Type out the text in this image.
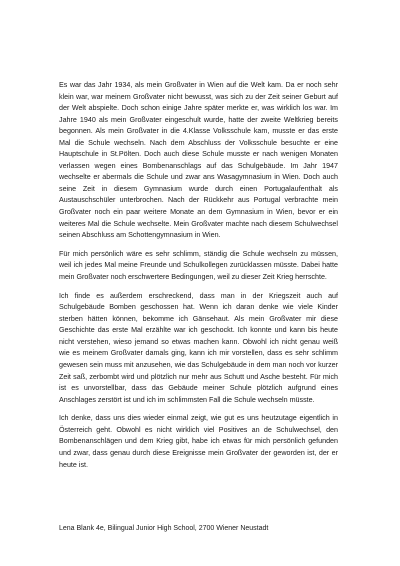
Es war das Jahr 1934, als mein Großvater in Wien auf die Welt kam. Da er noch sehr klein war, war meinem Großvater nicht bewusst, was sich zu der Zeit seiner Geburt auf der Welt abspielte. Doch schon einige Jahre später merkte er, was wirklich los war. Im Jahre 1940 als mein Großvater eingeschult wurde, hatte der zweite Weltkrieg bereits begonnen. Als mein Großvater in die 4.Klasse Volksschule kam, musste er das erste Mal die Schule wechseln. Nach dem Abschluss der Volksschule besuchte er eine Hauptschule in St.Pölten. Doch auch diese Schule musste er nach wenigen Monaten verlassen wegen eines Bombenanschlags auf das Schulgebäude. Im Jahr 1947 wechselte er abermals die Schule und zwar ans Wasagymnasium in Wien. Doch auch seine Zeit in diesem Gymnasium wurde durch einen Portugalaufenthalt als Austauschschüler unterbrochen. Nach der Rückkehr aus Portugal verbrachte mein Großvater noch ein paar weitere Monate an dem Gymnasium in Wien, bevor er ein weiteres Mal die Schule wechselte. Mein Großvater machte nach diesem Schulwechsel seinen Abschluss am Schottengymnasium in Wien.

Für mich persönlich wäre es sehr schlimm, ständig die Schule wechseln zu müssen, weil ich jedes Mal meine Freunde und Schulkollegen zurücklassen müsste. Dabei hatte mein Großvater noch erschwertere Bedingungen, weil zu dieser Zeit Krieg herrschte.

Ich finde es außerdem erschreckend, dass man in der Kriegszeit auch auf Schulgebäude Bomben geschossen hat. Wenn ich daran denke wie viele Kinder sterben hätten können, bekomme ich Gänsehaut. Als mein Großvater mir diese Geschichte das erste Mal erzählte war ich geschockt. Ich konnte und kann bis heute nicht verstehen, wieso jemand so etwas machen kann. Obwohl ich nicht genau weiß wie es meinem Großvater damals ging, kann ich mir vorstellen, dass es sehr schlimm gewesen sein muss mit anzusehen, wie das Schulgebäude in dem man noch vor kurzer Zeit saß, zerbombt wird und plötzlich nur mehr aus Schutt und Asche besteht. Für mich ist es unvorstellbar, dass das Gebäude meiner Schule plötzlich aufgrund eines Anschlages zerstört ist und ich im schlimmsten Fall die Schule wechseln müsste.

Ich denke, dass uns dies wieder einmal zeigt, wie gut es uns heutzutage eigentlich in Österreich geht. Obwohl es nicht wirklich viel Positives an de Schulwechsel, den Bombenanschlägen und dem Krieg gibt, habe ich etwas für mich persönlich gefunden und zwar, dass genau durch diese Ereignisse mein Großvater der geworden ist, der er heute ist.

Lena Blank 4e, Bilingual Junior High School, 2700 Wiener Neustadt
